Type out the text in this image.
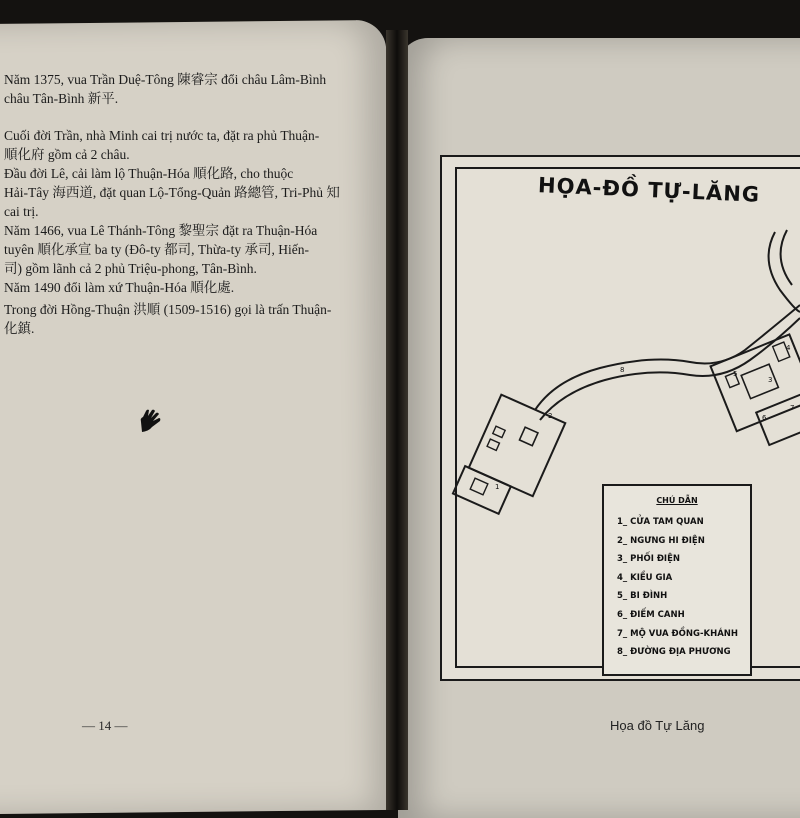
Năm 1375, vua Trần Duệ-Tông 陳睿宗 đổi châu Lâm-Bình
châu Tân-Bình 新平.
Cuối đời Trần, nhà Minh cai trị nước ta, đặt ra phủ Thuận-
順化府 gồm cả 2 châu.
Đầu đời Lê, cải làm lộ Thuận-Hóa 順化路, cho thuộc
Hải-Tây 海西道, đặt quan Lộ-Tổng-Quản 路總管, Tri-Phủ 知
cai trị.
Năm 1466, vua Lê Thánh-Tông 黎聖宗 đặt ra Thuận-Hóa
tuyên 順化承宣 ba ty (Đô-ty 都司, Thừa-ty 承司, Hiến-
司) gồm lãnh cả 2 phủ Triệu-phong, Tân-Bình.
Năm 1490 đổi làm xứ Thuận-Hóa 順化處.
Trong đời Hồng-Thuận 洪順 (1509-1516) gọi là trấn Thuận-
化鎮.
— 14 —
1
2
3
4
5
6
7
8
HỌA-ĐỒ TỰ-LĂNG
CHÚ DẪN
1_ CỬA TAM QUAN
2_ NGƯNG HI ĐIỆN
3_ PHỐI ĐIỆN
4_ KIỀU GIA
5_ BI ĐÌNH
6_ ĐIẾM CANH
7_ MỘ VUA ĐỒNG-KHÁNH
8_ ĐƯỜNG ĐỊA PHƯƠNG
Họa đồ Tự Lăng
